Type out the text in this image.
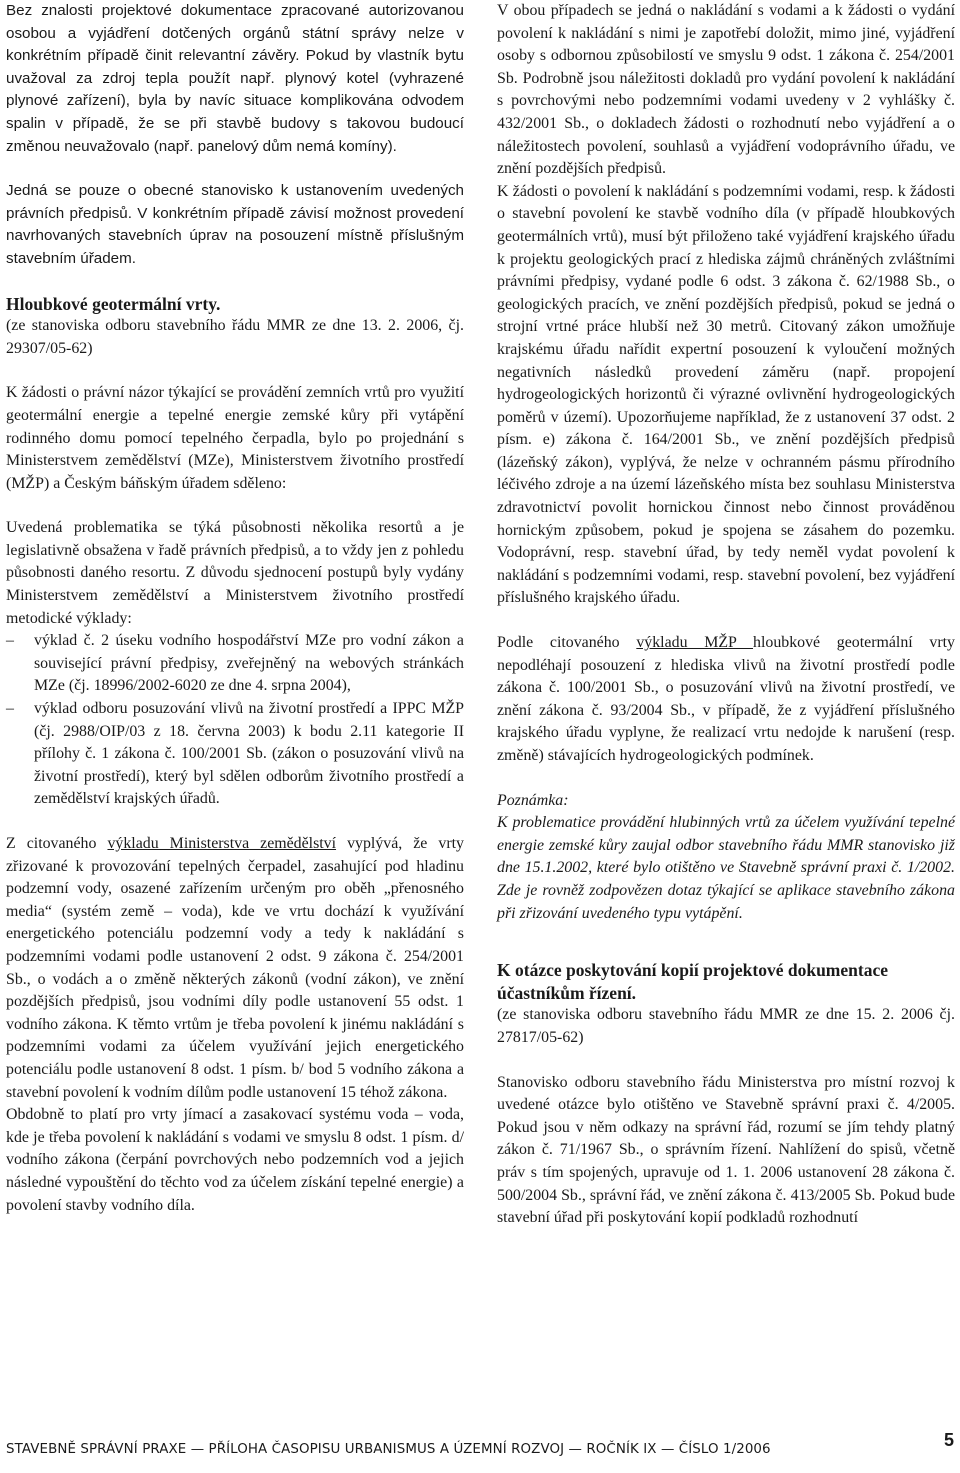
Bez znalosti projektové dokumentace zpracované autorizovanou osobou a vyjádření dotčených orgánů státní správy nelze v konkrétním případě činit relevantní závěry. Pokud by vlastník bytu uvažoval za zdroj tepla použít např. plynový kotel (vyhrazené plynové zařízení), byla by navíc situace komplikována odvodem spalin v případě, že se při stavbě budovy s takovou budoucí změnou neuvažovalo (např. panelový dům nemá komíny).

Jedná se pouze o obecné stanovisko k ustanovením uvedených právních předpisů. V konkrétním případě závisí možnost provedení navrhovaných stavebních úprav na posouzení místně příslušným stavebním úřadem.

Hloubkové geotermální vrty.

(ze stanoviska odboru stavebního řádu MMR ze dne 13. 2. 2006, čj. 29307/05-62)

K žádosti o právní názor týkající se provádění zemních vrtů pro využití geotermální energie a tepelné energie zemské kůry při vytápění rodinného domu pomocí tepelného čerpadla, bylo po projednání s Ministerstvem zemědělství (MZe), Ministerstvem životního prostředí (MŽP) a Českým báňským úřadem sděleno:

Uvedená problematika se týká působnosti několika resortů a je legislativně obsažena v řadě právních předpisů, a to vždy jen z pohledu působnosti daného resortu. Z důvodu sjednocení postupů byly vydány Ministerstvem zemědělství a Ministerstvem životního prostředí metodické výklady:

– výklad č. 2 úseku vodního hospodářství MZe pro vodní zákon a související právní předpisy, zveřejněný na webových stránkách MZe (čj. 18996/2002-6020 ze dne 4. srpna 2004),
– výklad odboru posuzování vlivů na životní prostředí a IPPC MŽP (čj. 2988/OIP/03 z 18. června 2003) k bodu 2.11 kategorie II přílohy č. 1 zákona č. 100/2001 Sb. (zákon o posuzování vlivů na životní prostředí), který byl sdělen odborům životního prostředí a zemědělství krajských úřadů.

Z citovaného výkladu Ministerstva zemědělství vyplývá, že vrty zřizované k provozování tepelných čerpadel, zasahující pod hladinu podzemní vody, osazené zařízením určeným pro oběh „přenosného media“ (systém země – voda), kde ve vrtu dochází k využívání energetického potenciálu podzemní vody a tedy k nakládání s podzemními vodami podle ustanovení 2 odst. 9 zákona č. 254/2001 Sb., o vodách a o změně některých zákonů (vodní zákon), ve znění pozdějších předpisů, jsou vodními díly podle ustanovení 55 odst. 1 vodního zákona. K těmto vrtům je třeba povolení k jinému nakládání s podzemními vodami za účelem využívání jejich energetického potenciálu podle ustanovení 8 odst. 1 písm. b/ bod 5 vodního zákona a stavební povolení k vodním dílům podle ustanovení 15 téhož zákona.

Obdobně to platí pro vrty jímací a zasakovací systému voda – voda, kde je třeba povolení k nakládání s vodami ve smyslu 8 odst. 1 písm. d/ vodního zákona (čerpání povrchových nebo podzemních vod a jejich následné vypouštění do těchto vod za účelem získání tepelné energie) a povolení stavby vodního díla.

V obou případech se jedná o nakládání s vodami a k žádosti o vydání povolení k nakládání s nimi je zapotřebí doložit, mimo jiné, vyjádření osoby s odbornou způsobilostí ve smyslu 9 odst. 1 zákona č. 254/2001 Sb. Podrobně jsou náležitosti dokladů pro vydání povolení k nakládání s povrchovými nebo podzemními vodami uvedeny v 2 vyhlášky č. 432/2001 Sb., o dokladech žádosti o rozhodnutí nebo vyjádření a o náležitostech povolení, souhlasů a vyjádření vodoprávního úřadu, ve znění pozdějších předpisů.

K žádosti o povolení k nakládání s podzemními vodami, resp. k žádosti o stavební povolení ke stavbě vodního díla (v případě hloubkových geotermálních vrtů), musí být přiloženo také vyjádření krajského úřadu k projektu geologických prací z hlediska zájmů chráněných zvláštními právními předpisy, vydané podle 6 odst. 3 zákona č. 62/1988 Sb., o geologických pracích, ve znění pozdějších předpisů, pokud se jedná o strojní vrtné práce hlubší než 30 metrů. Citovaný zákon umožňuje krajskému úřadu nařídit expertní posouzení k vyloučení možných negativních následků provedení záměru (např. propojení hydrogeologických horizontů či výrazné ovlivnění hydrogeologických poměrů v území). Upozorňujeme například, že z ustanovení 37 odst. 2 písm. e) zákona č. 164/2001 Sb., ve znění pozdějších předpisů (lázeňský zákon), vyplývá, že nelze v ochranném pásmu přírodního léčivého zdroje a na území lázeňského místa bez souhlasu Ministerstva zdravotnictví povolit hornickou činnost nebo činnost prováděnou hornickým způsobem, pokud je spojena se zásahem do pozemku. Vodoprávní, resp. stavební úřad, by tedy neměl vydat povolení k nakládání s podzemními vodami, resp. stavební povolení, bez vyjádření příslušného krajského úřadu.

Podle citovaného výkladu MŽP hloubkové geotermální vrty nepodléhají posouzení z hlediska vlivů na životní prostředí podle zákona č. 100/2001 Sb., o posuzování vlivů na životní prostředí, ve znění zákona č. 93/2004 Sb., v případě, že z vyjádření příslušného krajského úřadu vyplyne, že realizací vrtu nedojde k narušení (resp. změně) stávajících hydrogeologických podmínek.

Poznámka:

K problematice provádění hlubinných vrtů za účelem využívání tepelné energie zemské kůry zaujal odbor stavebního řádu MMR stanovisko již dne 15.1.2002, které bylo otištěno ve Stavebně správní praxi č. 1/2002. Zde je rovněž zodpovězen dotaz týkající se aplikace stavebního zákona při zřizování uvedeného typu vytápění.

K otázce poskytování kopií projektové dokumentace účastníkům řízení.

(ze stanoviska odboru stavebního řádu MMR ze dne 15. 2. 2006 čj. 27817/05-62)

Stanovisko odboru stavebního řádu Ministerstva pro místní rozvoj k uvedené otázce bylo otištěno ve Stavebně správní praxi č. 4/2005. Pokud jsou v něm odkazy na správní řád, rozumí se jím tehdy platný zákon č. 71/1967 Sb., o správním řízení. Nahlížení do spisů, včetně práv s tím spojených, upravuje od 1. 1. 2006 ustanovení 28 zákona č. 500/2004 Sb., správní řád, ve znění zákona č. 413/2005 Sb. Pokud bude stavební úřad při poskytování kopií podkladů rozhodnutí

STAVEBNĚ SPRÁVNÍ PRAXE — PŘÍLOHA ČASOPISU URBANISMUS A ÚZEMNÍ ROZVOJ — ROČNÍK IX — ČÍSLO 1/2006	5
